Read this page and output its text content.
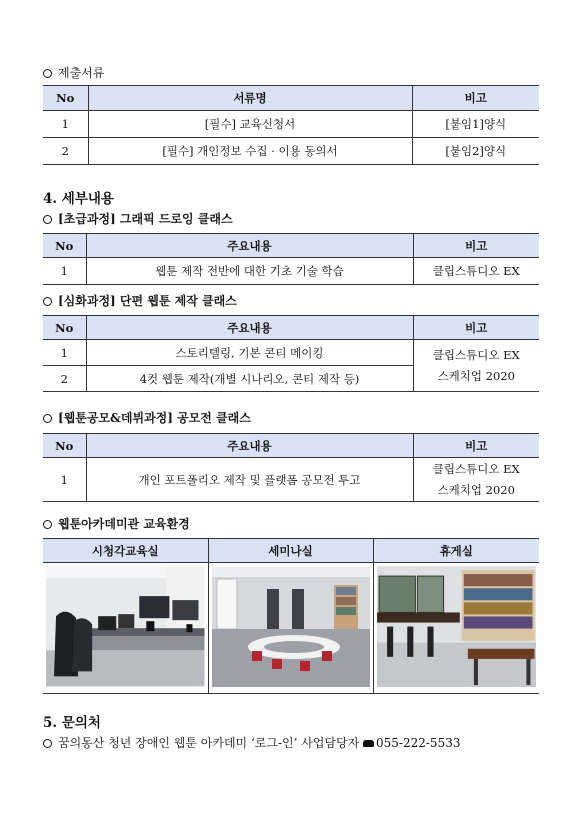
제출서류
No	서류명	비고
1	[필수] 교육신청서	[붙임1]양식
2	[필수] 개인정보 수집 · 이용 동의서	[붙임2]양식
4. 세부내용
[초급과정] 그래픽 드로잉 클래스
No	주요내용	비고
1	웹툰 제작 전반에 대한 기초 기술 학습	클립스튜디오 EX
[심화과정] 단편 웹툰 제작 클래스
No	주요내용	비고
1	스토리텔링, 기본 콘티 메이킹	클립스튜디오 EX
스케치업 2020

2	4컷 웹툰 제작(개별 시나리오, 콘티 제작 등)	
[웹툰공모&데뷔과정] 공모전 클래스
No	주요내용	비고
1	개인 포트폴리오 제작 및 플랫폼 공모전 투고	클립스튜디오 EX
스케치업 2020
웹툰아카데미관 교육환경
시청각교육실	세미나실	휴게실

5. 문의처
꿈의동산 청년 장애인 웹툰 아카데미 ‘로그-인’ 사업담당자 055-222-5533
